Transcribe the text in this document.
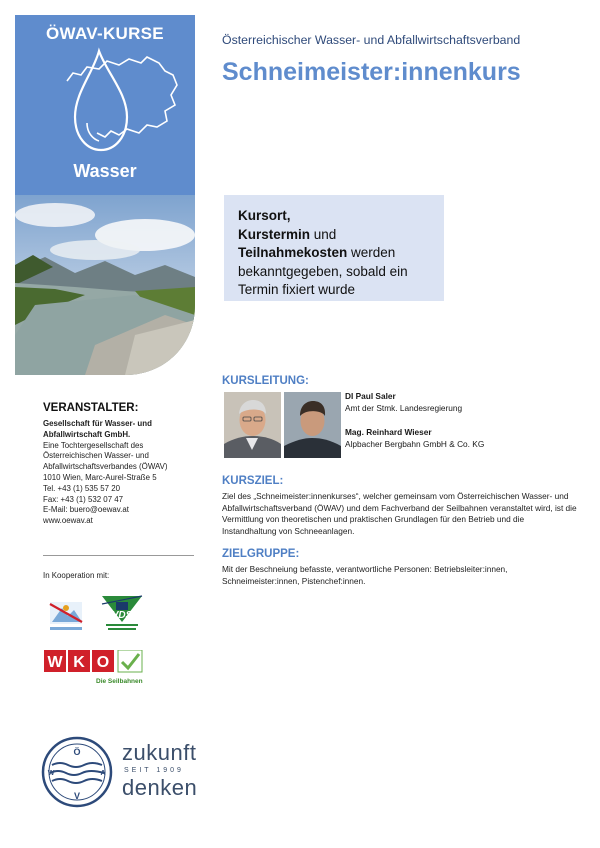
ÖWAV-KURSE
Wasser
Österreichischer Wasser- und Abfallwirtschaftsverband
Schneimeister:innenkurs
Kursort,
Kurstermin und
Teilnahmekosten werden
bekanntgegeben, sobald ein
Termin fixiert wurde
KURSLEITUNG:
DI Paul Saler
Amt der Stmk. Landesregierung
Mag. Reinhard Wieser
Alpbacher Bergbahn GmbH & Co. KG
KURSZIEL:
Ziel des „Schneimeister:innenkurses“, welcher gemeinsam vom Österreichischen Wasser- und Abfallwirtschaftsverband (ÖWAV) und dem Fachverband der Seilbahnen veranstaltet wird, ist die Vermittlung von theoretischen und praktischen Grundlagen für den Betrieb und die Instandhaltung von Schneeanlagen.
ZIELGRUPPE:
Mit der Beschneiung befasste, verantwortliche Personen: Betriebsleiter:innen, Schneimeister:innen, Pistenchef:innen.
VERANSTALTER:
Gesellschaft für Wasser- und
Abfallwirtschaft GmbH.
Eine Tochtergesellschaft des
Österreichischen Wasser- und
Abfallwirtschaftsverbandes (ÖWAV)
1010 Wien, Marc-Aurel-Straße 5
Tel. +43 (1) 535 57 20
Fax: +43 (1) 532 07 47
E-Mail: buero@oewav.at
www.oewav.at
In Kooperation mit:
VDS
W K O
Die Seilbahnen
Ö
V
W	A
zukunft
SEIT 1909
denken
